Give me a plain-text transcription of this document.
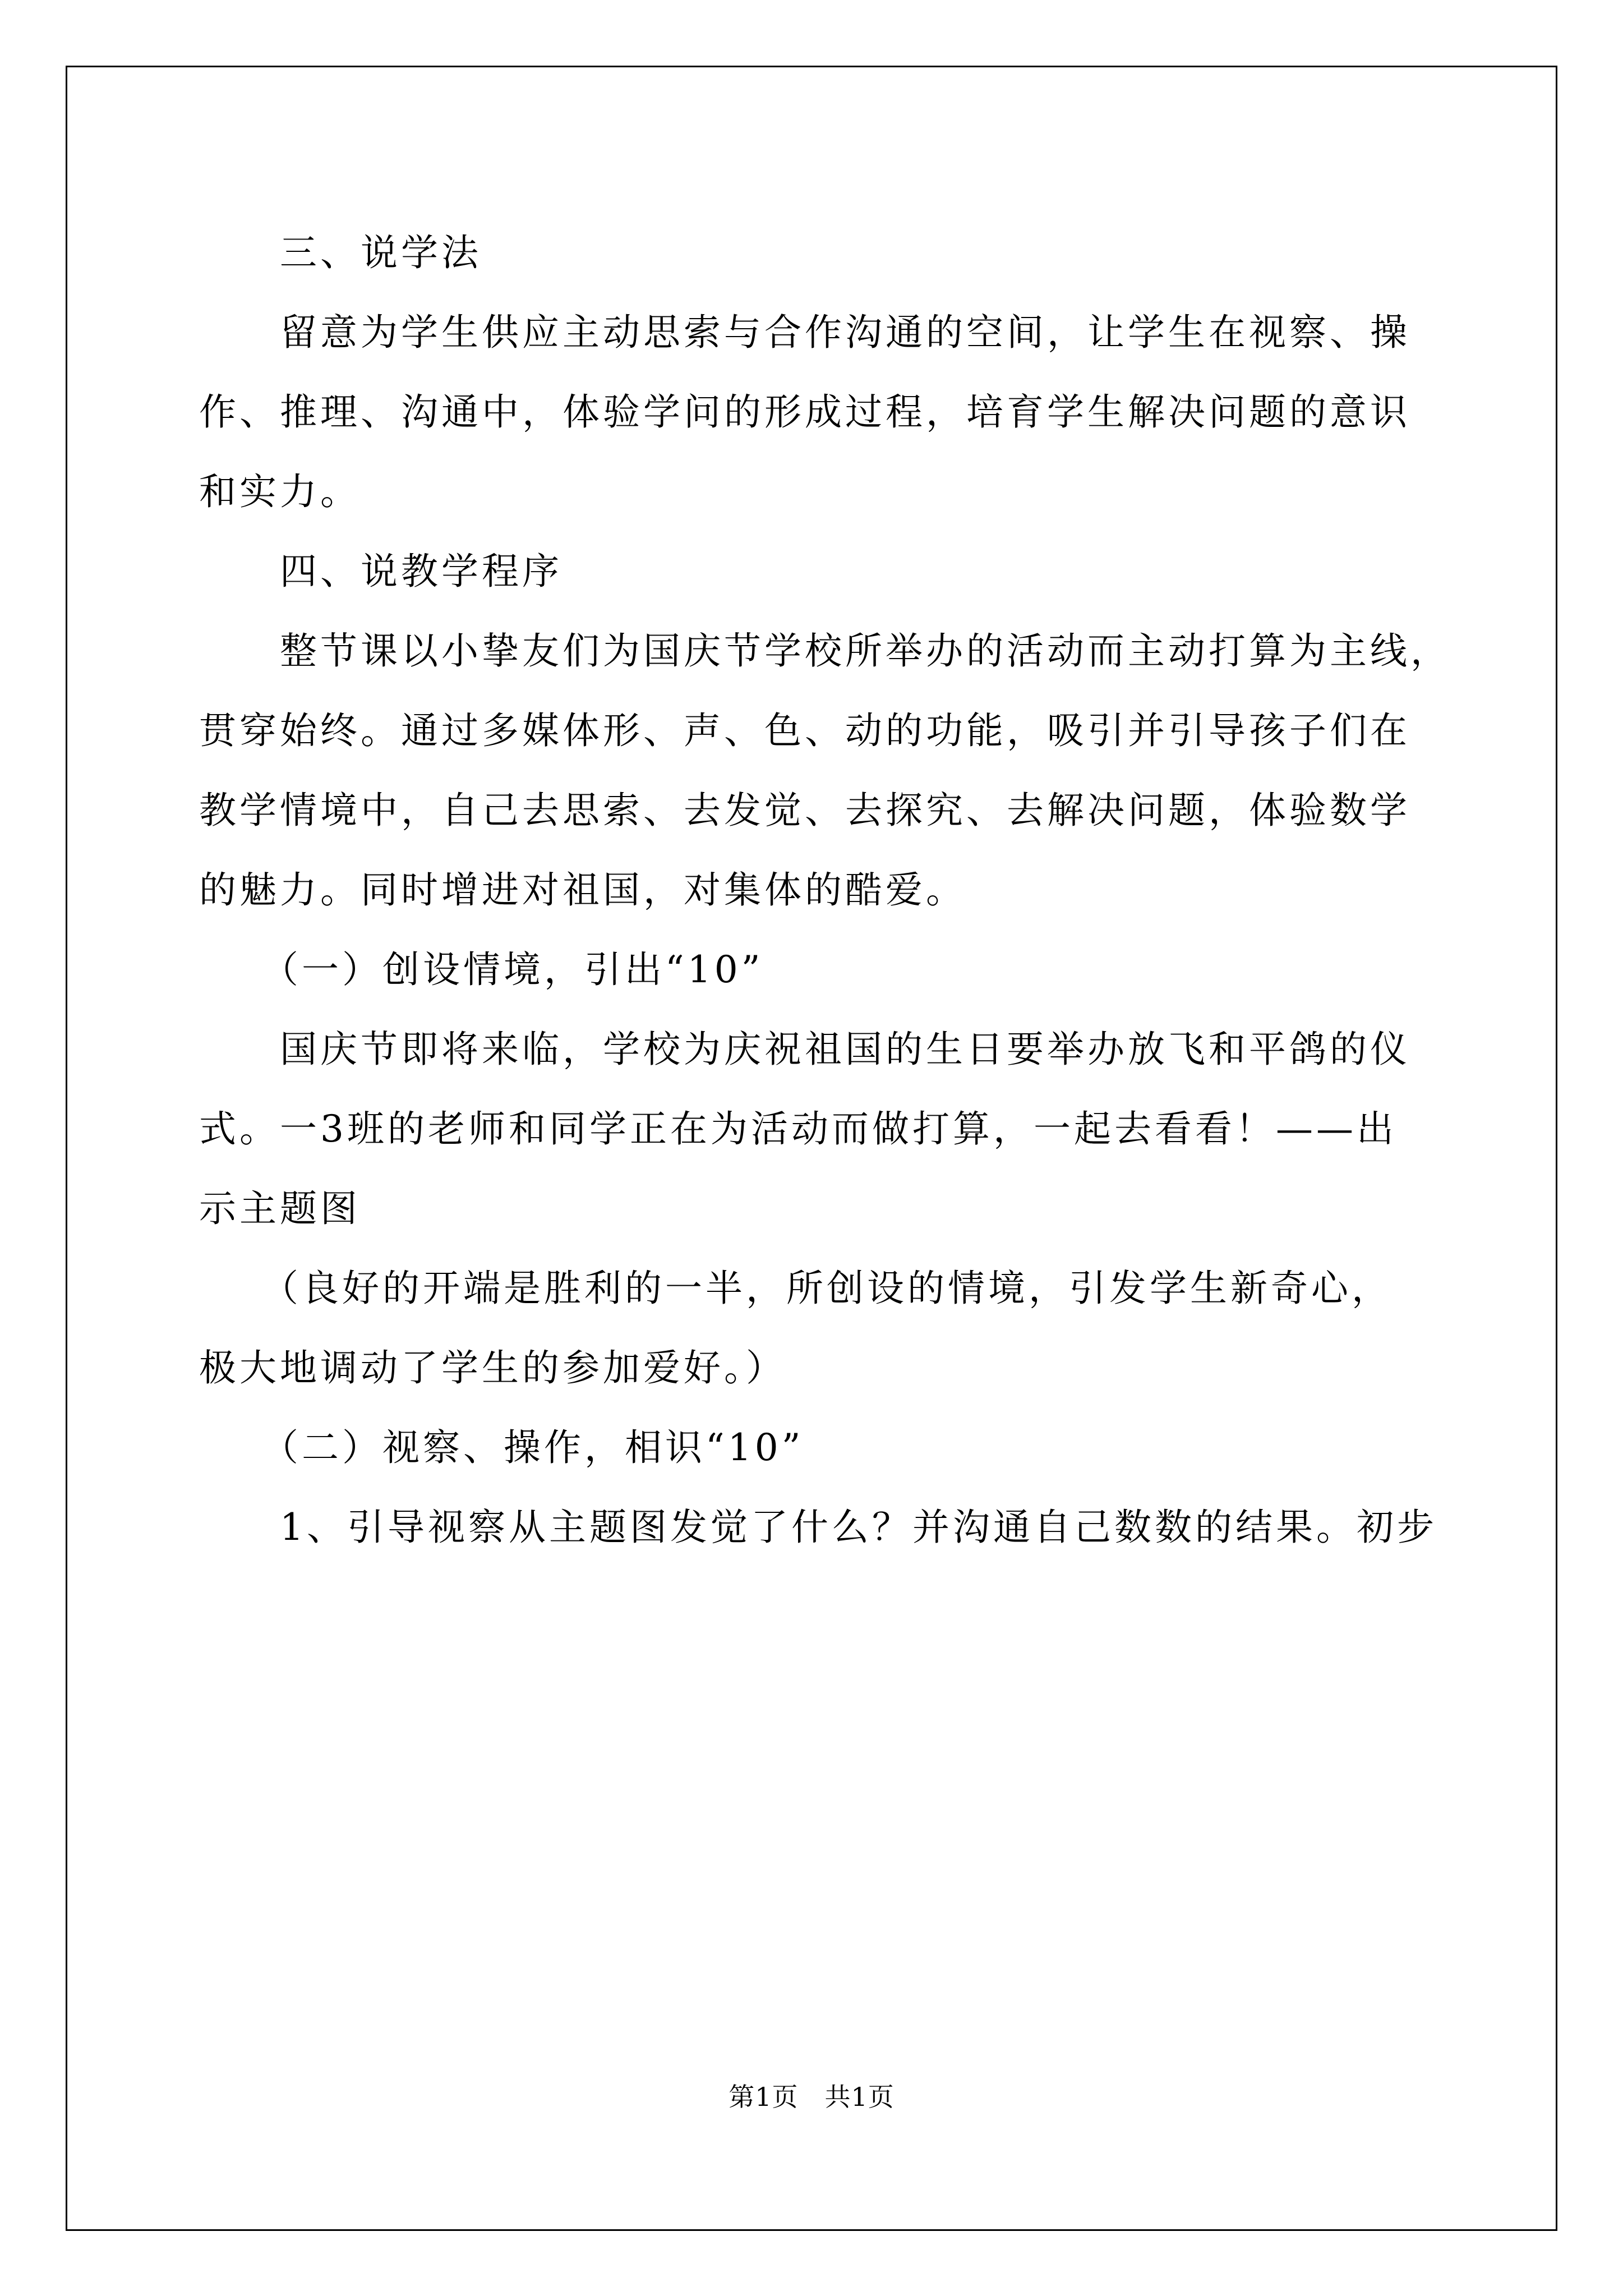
　　三、说学法

　　留意为学生供应主动思索与合作沟通的空间，让学生在视察、操

作、推理、沟通中，体验学问的形成过程，培育学生解决问题的意识

和实力。

　　四、说教学程序

　　整节课以小挚友们为国庆节学校所举办的活动而主动打算为主线，

贯穿始终。通过多媒体形、声、色、动的功能，吸引并引导孩子们在

教学情境中，自己去思索、去发觉、去探究、去解决问题，体验数学

的魅力。同时增进对祖国，对集体的酷爱。

　　（一）创设情境，引出“10”

　　国庆节即将来临，学校为庆祝祖国的生日要举办放飞和平鸽的仪

式。一3班的老师和同学正在为活动而做打算，一起去看看！——出

示主题图

　　（良好的开端是胜利的一半，所创设的情境，引发学生新奇心，

极大地调动了学生的参加爱好。）

　　（二）视察、操作，相识“10”

　　1、引导视察从主题图发觉了什么？并沟通自己数数的结果。初步

第1页　共1页
